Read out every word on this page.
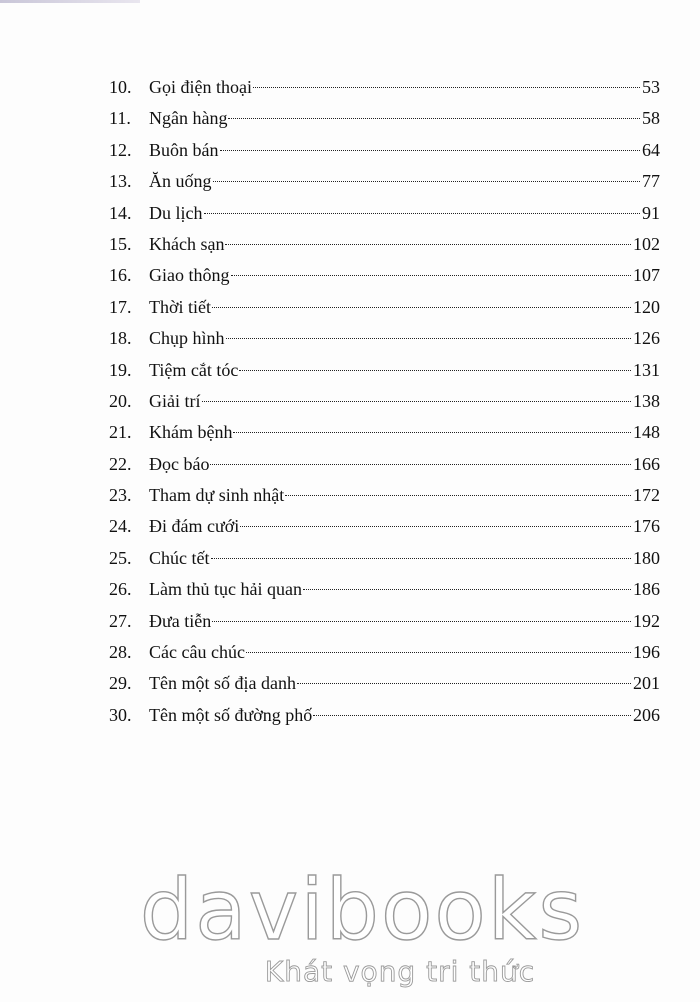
10. Gọi điện thoại	53
11.	Ngân hàng	58
12. Buôn bán	64
13. Ăn uống	77
14. Du lịch	91
15. Khách sạn	102
16. Giao thông	107
17. Thời tiết	120
18. Chụp hình	126
19. Tiệm cắt tóc	131
20. Giải trí	138
21. Khám bệnh	148
22. Đọc báo	166
23. Tham dự sinh nhật	172
24. Đi đám cưới	176
25. Chúc tết	180
26. Làm thủ tục hải quan	186
27. Đưa tiễn	192
28. Các câu chúc	196
29. Tên một số địa danh	201
30. Tên một số đường phố	206
davibooks
Khát vọng tri thức
